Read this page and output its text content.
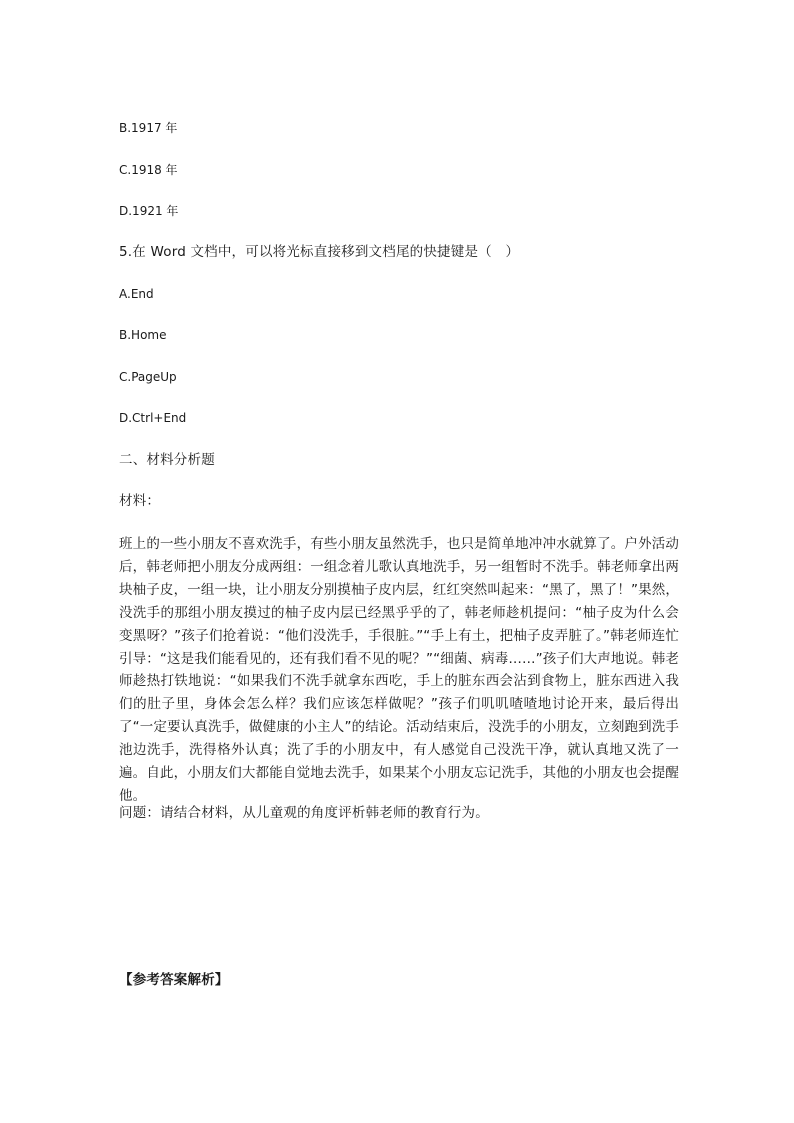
B.1917 年

C.1918 年

D.1921 年

5.在 Word 文档中，可以将光标直接移到文档尾的快捷键是（　）

A.End

B.Home

C.PageUp

D.Ctrl+End

二、材料分析题

材料：

班上的一些小朋友不喜欢洗手，有些小朋友虽然洗手，也只是简单地冲冲水就算了。户外活动后，韩老师把小朋友分成两组：一组念着儿歌认真地洗手，另一组暂时不洗手。韩老师拿出两块柚子皮，一组一块，让小朋友分别摸柚子皮内层，红红突然叫起来：“黑了，黑了！”果然，没洗手的那组小朋友摸过的柚子皮内层已经黑乎乎的了，韩老师趁机提问：“柚子皮为什么会变黑呀？”孩子们抢着说：“他们没洗手，手很脏。”“手上有土，把柚子皮弄脏了。”韩老师连忙引导：“这是我们能看见的，还有我们看不见的呢？”“细菌、病毒……”孩子们大声地说。韩老师趁热打铁地说：“如果我们不洗手就拿东西吃，手上的脏东西会沾到食物上，脏东西进入我们的肚子里，身体会怎么样？我们应该怎样做呢？”孩子们叽叽喳喳地讨论开来，最后得出了“一定要认真洗手，做健康的小主人”的结论。活动结束后，没洗手的小朋友，立刻跑到洗手池边洗手，洗得格外认真；洗了手的小朋友中，有人感觉自己没洗干净，就认真地又洗了一遍。自此，小朋友们大都能自觉地去洗手，如果某个小朋友忘记洗手，其他的小朋友也会提醒他。

问题：请结合材料，从儿童观的角度评析韩老师的教育行为。

【参考答案解析】
